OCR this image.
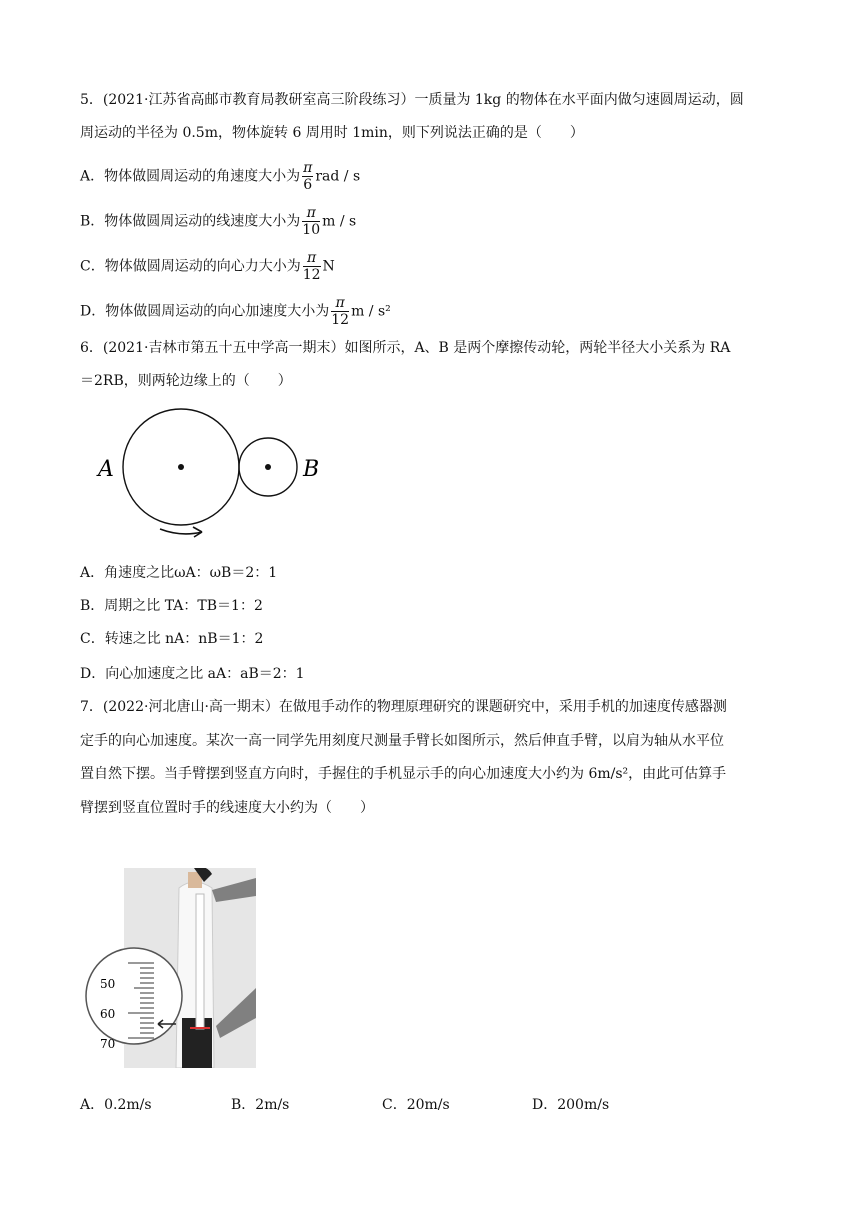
5．(2021·江苏省高邮市教育局教研室高三阶段练习）一质量为 1kg 的物体在水平面内做匀速圆周运动，圆
周运动的半径为 0.5m，物体旋转 6 周用时 1min，则下列说法正确的是（　　）
A．物体做圆周运动的角速度大小为 $\frac{\pi}{6}$ rad / s
B．物体做圆周运动的线速度大小为 $\frac{\pi}{10}$ m / s
C．物体做圆周运动的向心力大小为 $\frac{\pi}{12}$ N
D．物体做圆周运动的向心加速度大小为 $\frac{\pi}{12}$ m / s²
6．(2021·吉林市第五十五中学高一期末）如图所示，A、B 是两个摩擦传动轮，两轮半径大小关系为 RA
＝2RB，则两轮边缘上的（　　）
A	B
A．角速度之比ωA：ωB＝2：1
B．周期之比 TA：TB＝1：2
C．转速之比 nA：nB＝1：2
D．向心加速度之比 aA：aB＝2：1
7．(2022·河北唐山·高一期末）在做甩手动作的物理原理研究的课题研究中，采用手机的加速度传感器测
定手的向心加速度。某次一高一同学先用刻度尺测量手臂长如图所示，然后伸直手臂，以肩为轴从水平位
置自然下摆。当手臂摆到竖直方向时，手握住的手机显示手的向心加速度大小约为 6m/s²，由此可估算手
臂摆到竖直位置时手的线速度大小约为（　　）
50
60
70
A．0.2m/s	B．2m/s	C．20m/s	D．200m/s
